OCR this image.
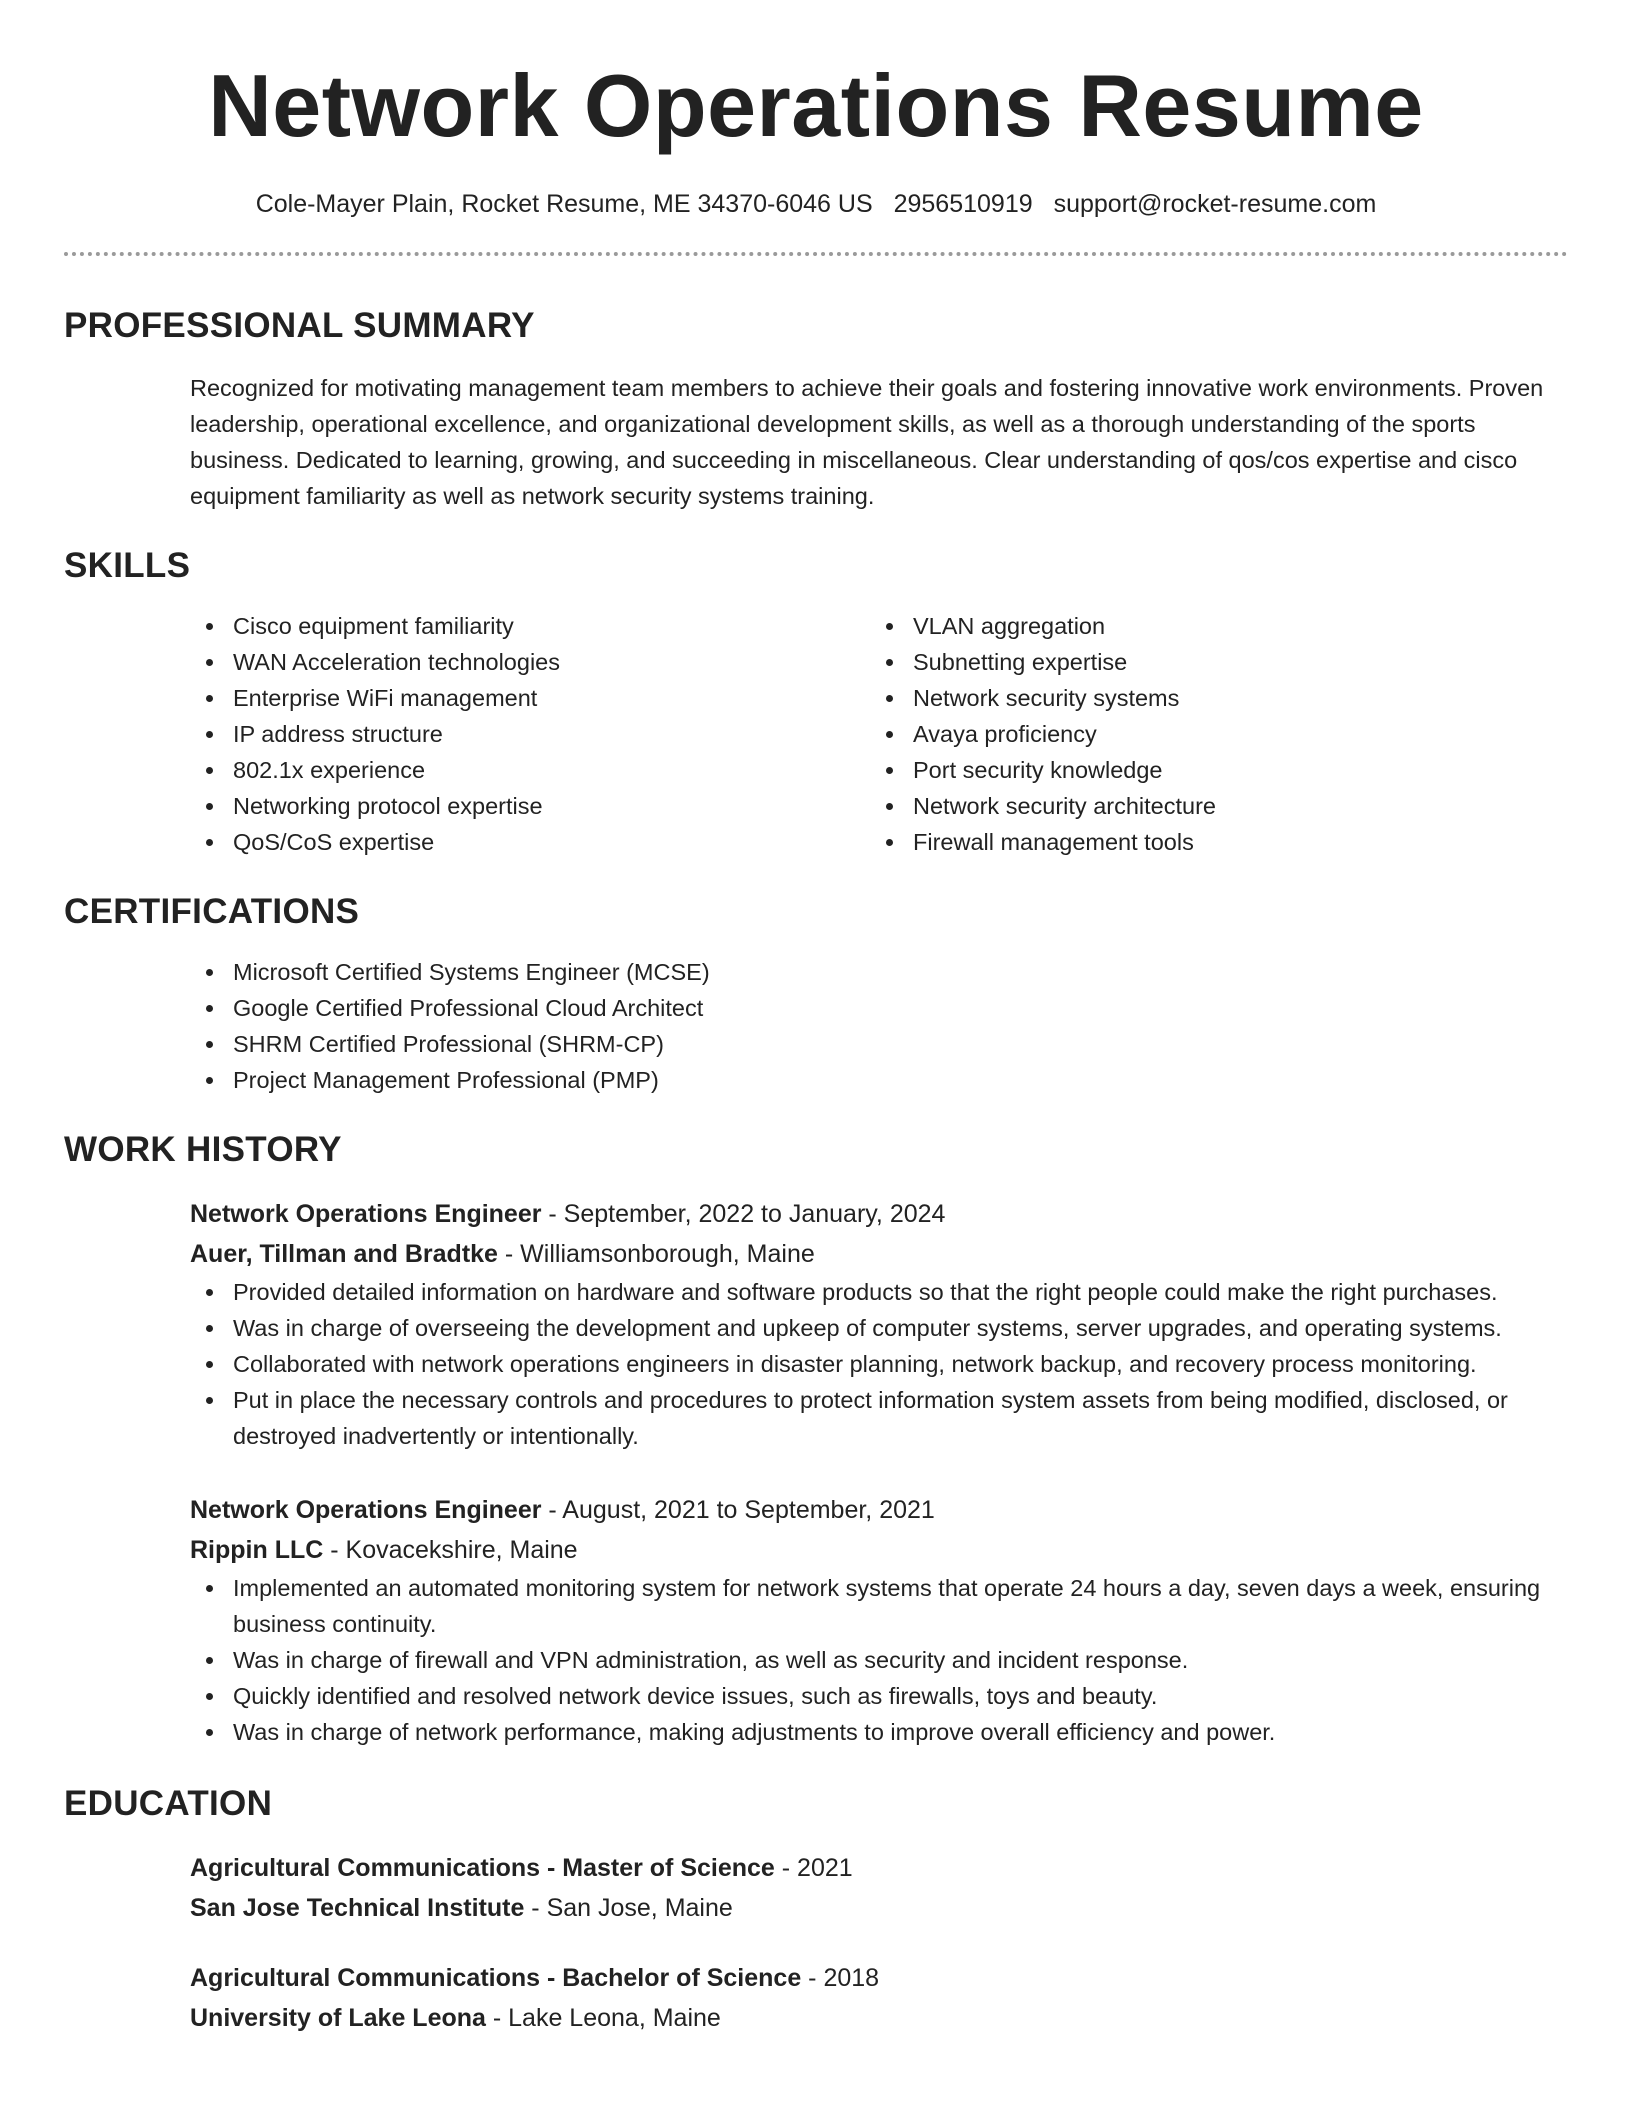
Network Operations Resume
Cole-Mayer Plain, Rocket Resume, ME 34370-6046 US 2956510919 support@rocket-resume.com
PROFESSIONAL SUMMARY
Recognized for motivating management team members to achieve their goals and fostering innovative work environments. Proven leadership, operational excellence, and organizational development skills, as well as a thorough understanding of the sports business. Dedicated to learning, growing, and succeeding in miscellaneous. Clear understanding of qos/cos expertise and cisco equipment familiarity as well as network security systems training.
SKILLS
Cisco equipment familiarity
WAN Acceleration technologies
Enterprise WiFi management
IP address structure
802.1x experience
Networking protocol expertise
QoS/CoS expertise
VLAN aggregation
Subnetting expertise
Network security systems
Avaya proficiency
Port security knowledge
Network security architecture
Firewall management tools
CERTIFICATIONS
Microsoft Certified Systems Engineer (MCSE)
Google Certified Professional Cloud Architect
SHRM Certified Professional (SHRM-CP)
Project Management Professional (PMP)
WORK HISTORY
Network Operations Engineer - September, 2022 to January, 2024
Auer, Tillman and Bradtke - Williamsonborough, Maine
Provided detailed information on hardware and software products so that the right people could make the right purchases.
Was in charge of overseeing the development and upkeep of computer systems, server upgrades, and operating systems.
Collaborated with network operations engineers in disaster planning, network backup, and recovery process monitoring.
Put in place the necessary controls and procedures to protect information system assets from being modified, disclosed, or destroyed inadvertently or intentionally.
Network Operations Engineer - August, 2021 to September, 2021
Rippin LLC - Kovacekshire, Maine
Implemented an automated monitoring system for network systems that operate 24 hours a day, seven days a week, ensuring business continuity.
Was in charge of firewall and VPN administration, as well as security and incident response.
Quickly identified and resolved network device issues, such as firewalls, toys and beauty.
Was in charge of network performance, making adjustments to improve overall efficiency and power.
EDUCATION
Agricultural Communications - Master of Science - 2021
San Jose Technical Institute - San Jose, Maine
Agricultural Communications - Bachelor of Science - 2018
University of Lake Leona - Lake Leona, Maine
